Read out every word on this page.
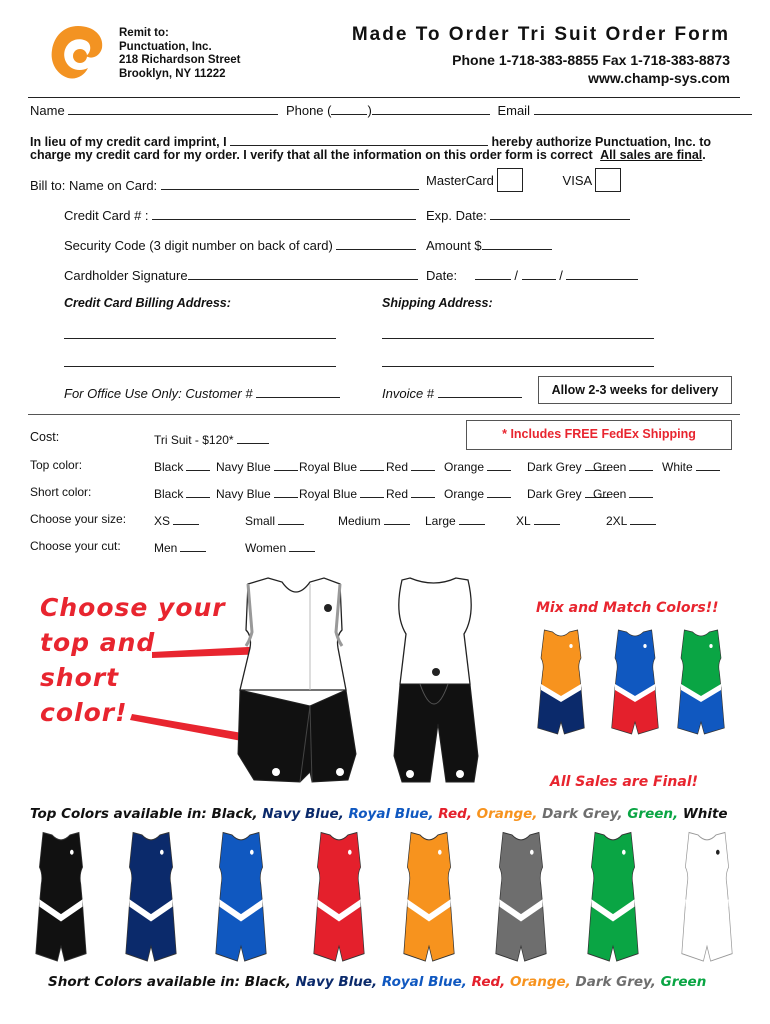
Remit to:
Punctuation, Inc.
218 Richardson Street
Brooklyn, NY 11222
Made To Order Tri Suit Order Form
Phone 1-718-383-8855 Fax 1-718-383-8873
www.champ-sys.com
Name	Phone (	)	Email
In lieu of my credit card imprint, I	hereby authorize Punctuation, Inc. to
charge my credit card for my order. I verify that all the information on this order form is correct All sales are final.
Bill to: Name on Card:	MasterCard	VISA
Credit Card # :	Exp. Date:
Security Code (3 digit number on back of card)	Amount $
Cardholder Signature	Date:	/	/
Credit Card Billing Address:	Shipping Address:
For Office Use Only: Customer #	Invoice #	Allow 2-3 weeks for delivery
* Includes FREE FedEx Shipping
Cost:	Tri Suit - $120*
Top color:	Black	Navy Blue	Royal Blue	Red	Orange	Dark Grey Green	White
Short color:	Black	Navy Blue	Royal Blue	Red	Orange	Dark Grey Green
Choose your size: XS	Small	Medium	Large	XL	2XL
Choose your cut:	Men	Women
Choose your
top and
short
color!
Mix and Match Colors!!
All Sales are Final!
Top Colors available in: Black, Navy Blue, Royal Blue, Red, Orange, Dark Grey, Green, White
Short Colors available in: Black, Navy Blue, Royal Blue, Red, Orange, Dark Grey, Green
